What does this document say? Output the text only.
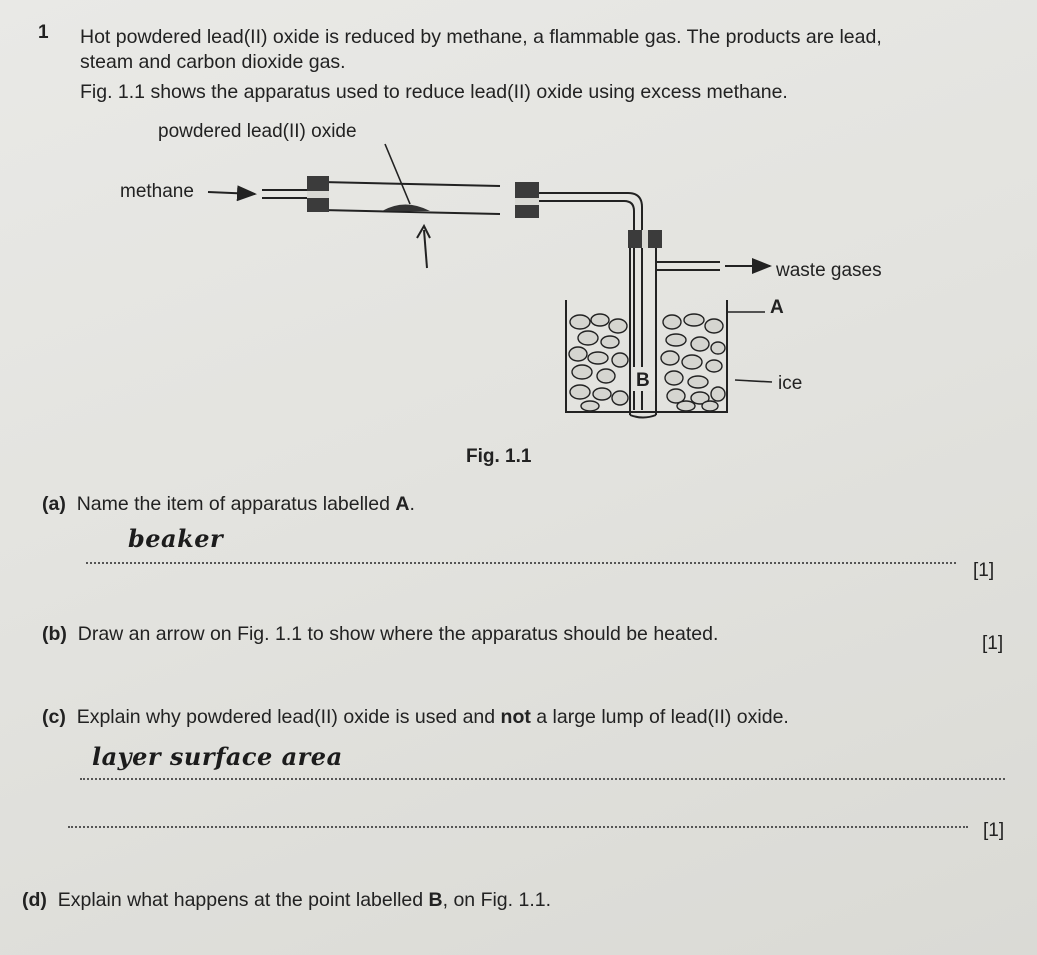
1 Hot powdered lead(II) oxide is reduced by methane, a flammable gas. The products are lead,
steam and carbon dioxide gas.
Fig. 1.1 shows the apparatus used to reduce lead(II) oxide using excess methane.
powdered lead(II) oxide
methane
waste gases
A
ice
B
Fig. 1.1
(a) Name the item of apparatus labelled A.
beaker
[1]
(b) Draw an arrow on Fig. 1.1 to show where the apparatus should be heated.	[1]
(c) Explain why powdered lead(II) oxide is used and not a large lump of lead(II) oxide.
layer surface area
[1]
(d) Explain what happens at the point labelled B, on Fig. 1.1.
